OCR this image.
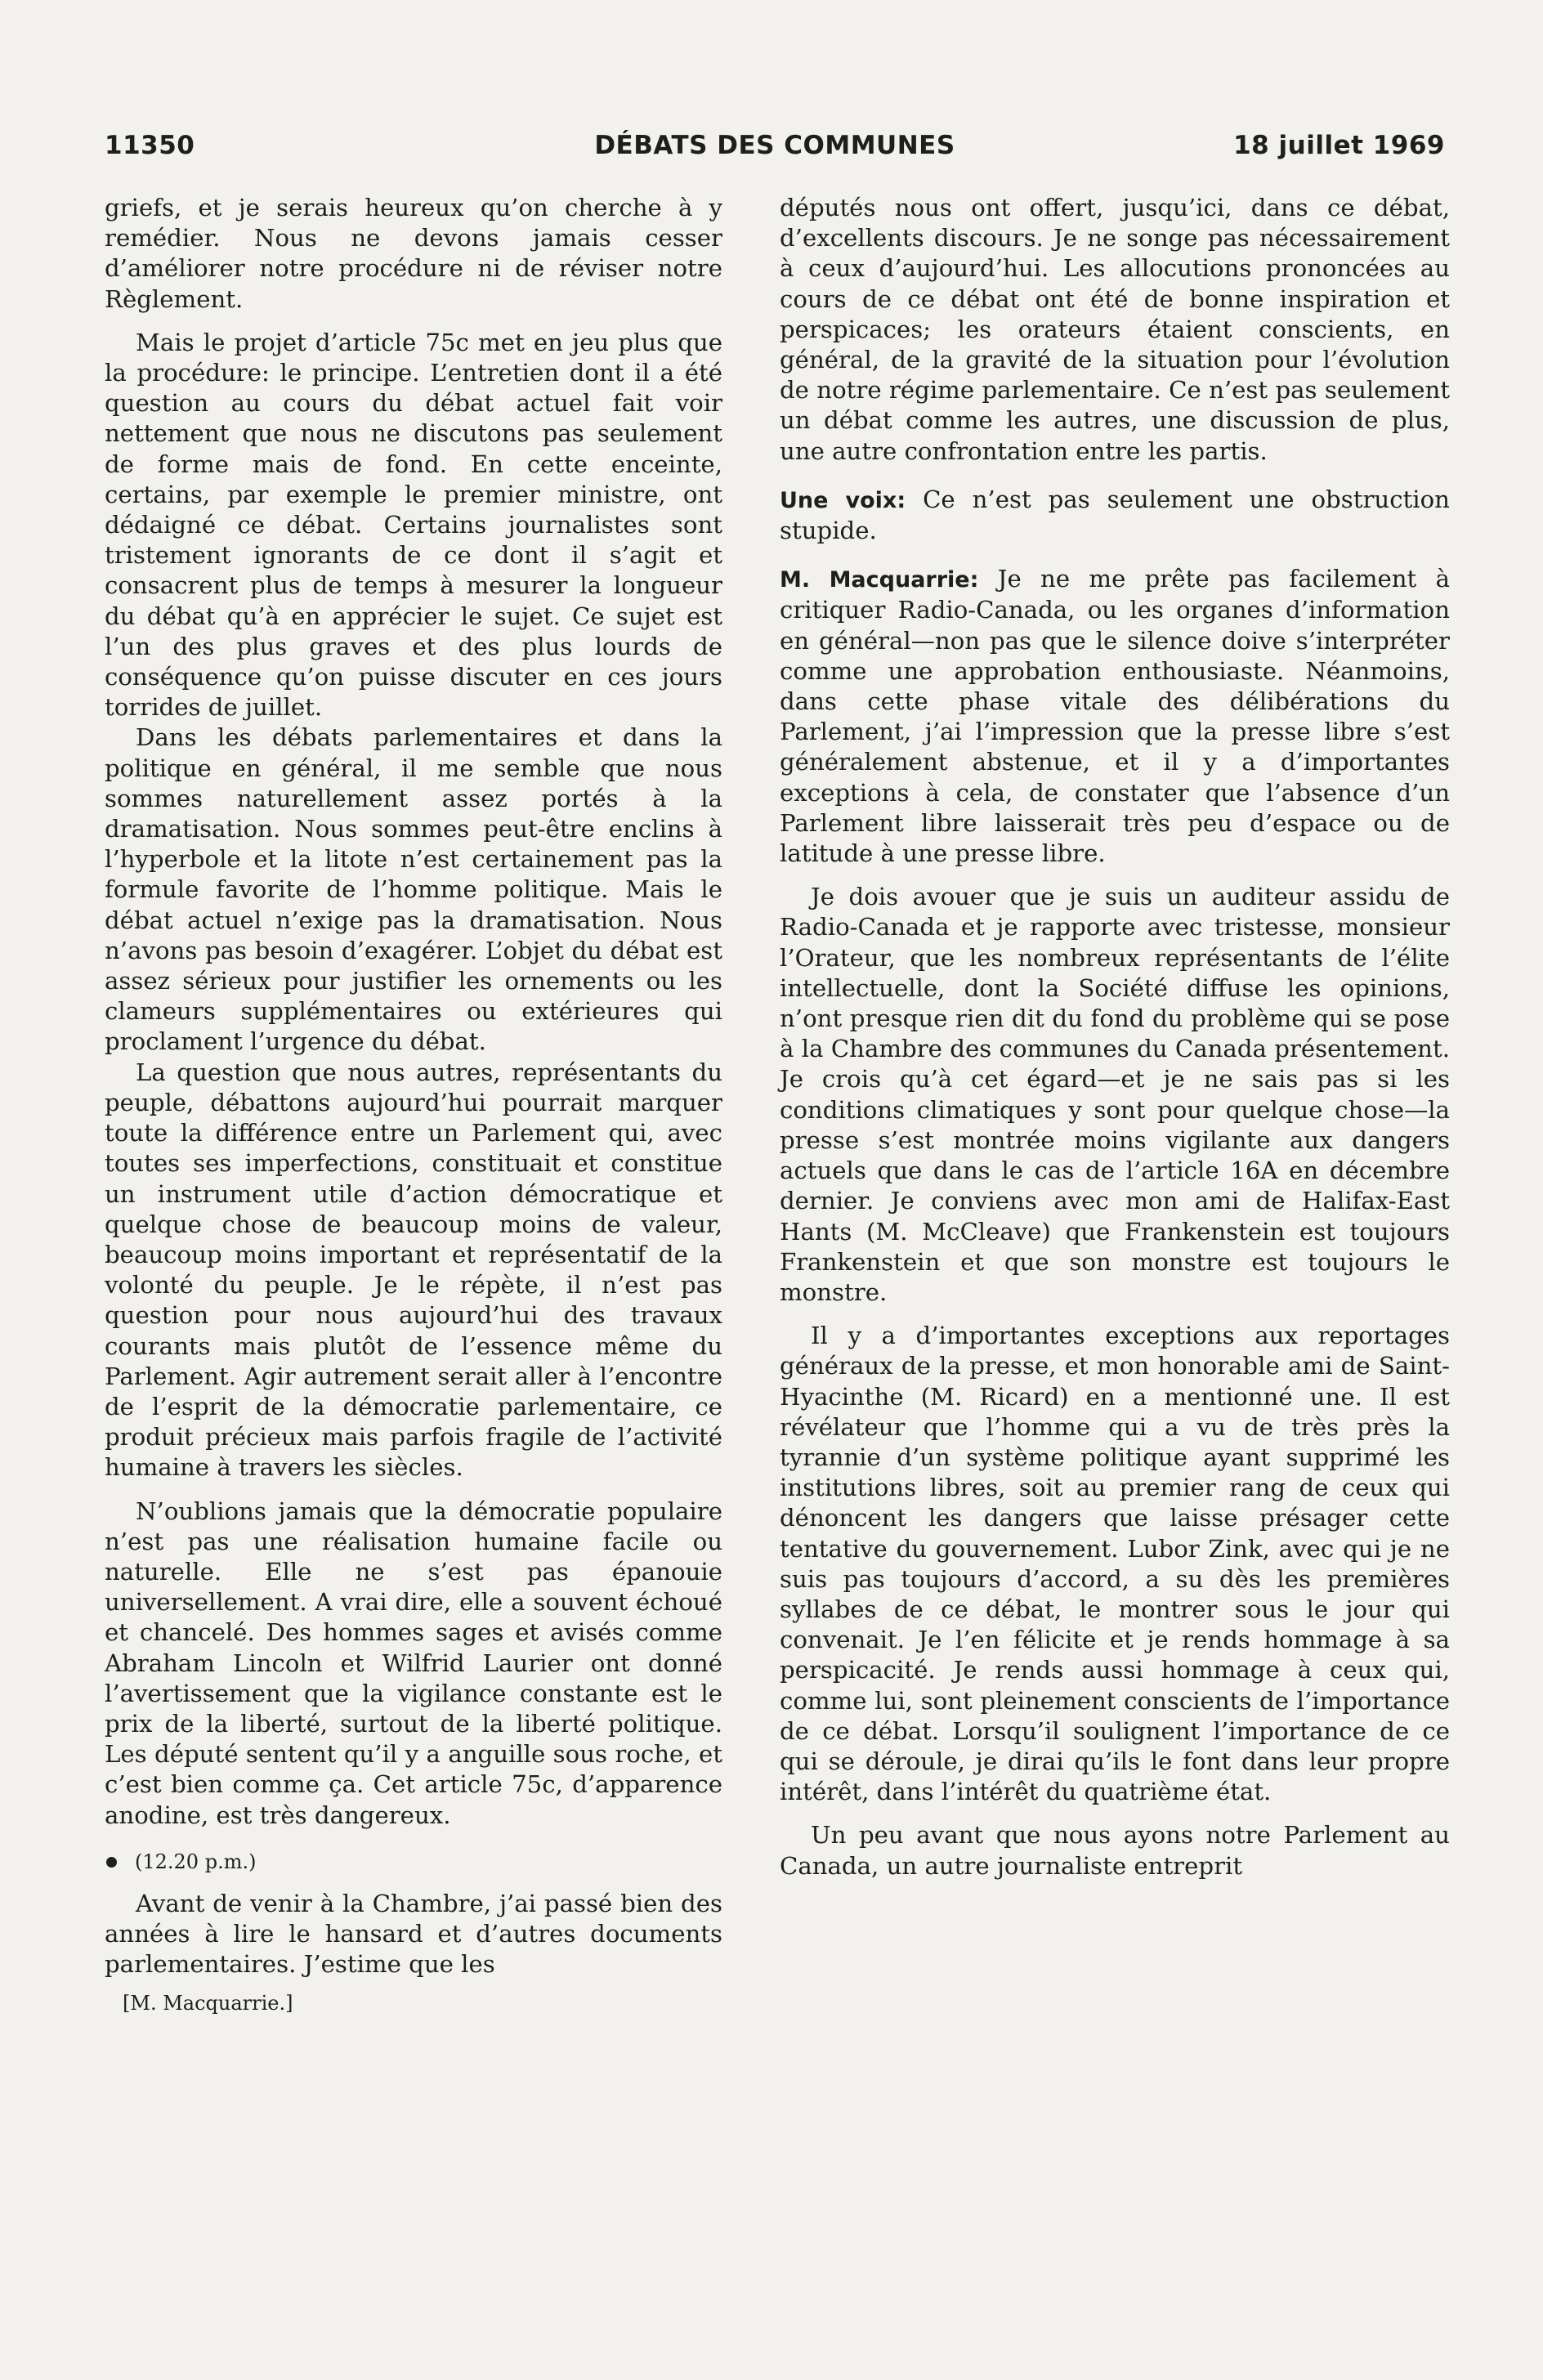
11350	DÉBATS DES COMMUNES	18 juillet 1969

griefs, et je serais heureux qu’on cherche à y remédier. Nous ne devons jamais cesser d’améliorer notre procédure ni de réviser notre Règlement.

Mais le projet d’article 75c met en jeu plus que la procédure: le principe. L’entretien dont il a été question au cours du débat actuel fait voir nettement que nous ne discutons pas seulement de forme mais de fond. En cette enceinte, certains, par exemple le premier ministre, ont dédaigné ce débat. Certains journalistes sont tristement ignorants de ce dont il s’agit et consacrent plus de temps à mesurer la longueur du débat qu’à en apprécier le sujet. Ce sujet est l’un des plus graves et des plus lourds de conséquence qu’on puisse discuter en ces jours torrides de juillet.

Dans les débats parlementaires et dans la politique en général, il me semble que nous sommes naturellement assez portés à la dramatisation. Nous sommes peut-être enclins à l’hyperbole et la litote n’est certainement pas la formule favorite de l’homme politique. Mais le débat actuel n’exige pas la dramatisation. Nous n’avons pas besoin d’exagérer. L’objet du débat est assez sérieux pour justifier les ornements ou les clameurs supplémentaires ou extérieures qui proclament l’urgence du débat.

La question que nous autres, représentants du peuple, débattons aujourd’hui pourrait marquer toute la différence entre un Parlement qui, avec toutes ses imperfections, constituait et constitue un instrument utile d’action démocratique et quelque chose de beaucoup moins de valeur, beaucoup moins important et représentatif de la volonté du peuple. Je le répète, il n’est pas question pour nous aujourd’hui des travaux courants mais plutôt de l’essence même du Parlement. Agir autrement serait aller à l’encontre de l’esprit de la démocratie parlementaire, ce produit précieux mais parfois fragile de l’activité humaine à travers les siècles.

N’oublions jamais que la démocratie populaire n’est pas une réalisation humaine facile ou naturelle. Elle ne s’est pas épanouie universellement. A vrai dire, elle a souvent échoué et chancelé. Des hommes sages et avisés comme Abraham Lincoln et Wilfrid Laurier ont donné l’avertissement que la vigilance constante est le prix de la liberté, surtout de la liberté politique. Les député sentent qu’il y a anguille sous roche, et c’est bien comme ça. Cet article 75c, d’apparence anodine, est très dangereux.

(12.20 p.m.)

Avant de venir à la Chambre, j’ai passé bien des années à lire le hansard et d’autres documents parlementaires. J’estime que les

[M. Macquarrie.]

députés nous ont offert, jusqu’ici, dans ce débat, d’excellents discours. Je ne songe pas nécessairement à ceux d’aujourd’hui. Les allocutions prononcées au cours de ce débat ont été de bonne inspiration et perspicaces; les orateurs étaient conscients, en général, de la gravité de la situation pour l’évolution de notre régime parlementaire. Ce n’est pas seulement un débat comme les autres, une discussion de plus, une autre confrontation entre les partis.

Une voix: Ce n’est pas seulement une obstruction stupide.

M. Macquarrie: Je ne me prête pas facilement à critiquer Radio-Canada, ou les organes d’information en général—non pas que le silence doive s’interpréter comme une approbation enthousiaste. Néanmoins, dans cette phase vitale des délibérations du Parlement, j’ai l’impression que la presse libre s’est généralement abstenue, et il y a d’importantes exceptions à cela, de constater que l’absence d’un Parlement libre laisserait très peu d’espace ou de latitude à une presse libre.

Je dois avouer que je suis un auditeur assidu de Radio-Canada et je rapporte avec tristesse, monsieur l’Orateur, que les nombreux représentants de l’élite intellectuelle, dont la Société diffuse les opinions, n’ont presque rien dit du fond du problème qui se pose à la Chambre des communes du Canada présentement. Je crois qu’à cet égard—et je ne sais pas si les conditions climatiques y sont pour quelque chose—la presse s’est montrée moins vigilante aux dangers actuels que dans le cas de l’article 16A en décembre dernier. Je conviens avec mon ami de Halifax-East Hants (M. McCleave) que Frankenstein est toujours Frankenstein et que son monstre est toujours le monstre.

Il y a d’importantes exceptions aux reportages généraux de la presse, et mon honorable ami de Saint-Hyacinthe (M. Ricard) en a mentionné une. Il est révélateur que l’homme qui a vu de très près la tyrannie d’un système politique ayant supprimé les institutions libres, soit au premier rang de ceux qui dénoncent les dangers que laisse présager cette tentative du gouvernement. Lubor Zink, avec qui je ne suis pas toujours d’accord, a su dès les premières syllabes de ce débat, le montrer sous le jour qui convenait. Je l’en félicite et je rends hommage à sa perspicacité. Je rends aussi hommage à ceux qui, comme lui, sont pleinement conscients de l’importance de ce débat. Lorsqu’il soulignent l’importance de ce qui se déroule, je dirai qu’ils le font dans leur propre intérêt, dans l’intérêt du quatrième état.

Un peu avant que nous ayons notre Parlement au Canada, un autre journaliste entreprit
